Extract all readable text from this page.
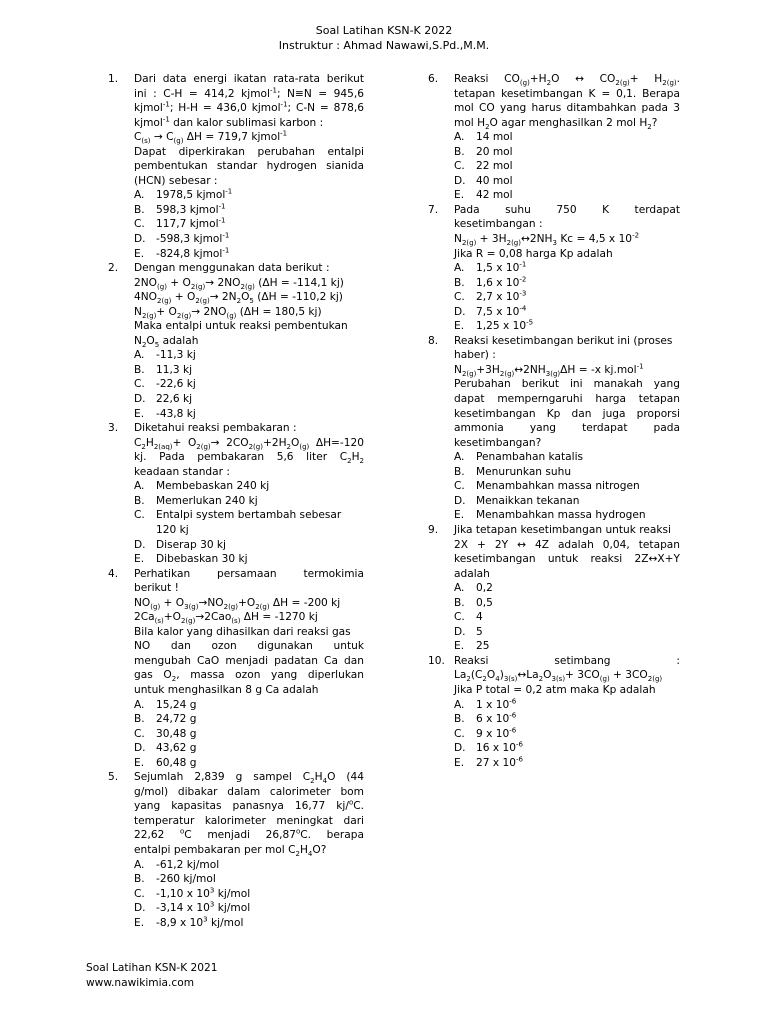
Soal Latihan KSN-K 2022
Instruktur : Ahmad Nawawi,S.Pd.,M.M.
1. Dari data energi ikatan rata-rata berikut
ini : C-H = 414,2 kjmol$^{-1}$; N≡N = 945,6
kjmol$^{-1}$; H-H = 436,0 kjmol$^{-1}$; C-N = 878,6
kjmol$^{-1}$ dan kalor sublimasi karbon :
$C_{(s)} \to C_{(g)}$ ΔH = 719,7 kjmol$^{-1}$
Dapat diperkirakan perubahan entalpi
pembentukan standar hydrogen sianida
(HCN) sebesar :
A. 1978,5 kjmol$^{-1}$
B. 598,3 kjmol$^{-1}$
C. 117,7 kjmol$^{-1}$
D. -598,3 kjmol$^{-1}$
E. -824,8 kjmol$^{-1}$
2. Dengan menggunakan data berikut :
$2NO_{(g)} + O_{2(g)}\to 2NO_{2(g)}$ (ΔH = -114,1 kj)
$4NO_{2(g)} + O_{2(g)}\to 2N_2O_5$ (ΔH = -110,2 kj)
$N_{2(g)}+ O_{2(g)}\to 2NO_{(g)}$ (ΔH = 180,5 kj)
Maka entalpi untuk reaksi pembentukan
$N_2O_5$ adalah
A. -11,3 kj
B. 11,3 kj
C. -22,6 kj
D. 22,6 kj
E. -43,8 kj
3. Diketahui reaksi pembakaran :
$C_2H_{2(aq)}+ O_{2(g)}\to 2CO_{2(g)}+2H_2O_{(g)}$ ΔH=-120
kj. Pada pembakaran 5,6 liter $C_2H_2$
keadaan standar :
A. Membebaskan 240 kj
B. Memerlukan 240 kj
C. Entalpi system bertambah sebesar 120 kj
D. Diserap 30 kj
E. Dibebaskan 30 kj
4. Perhatikan persamaan termokimia
berikut !
$NO_{(g)} + O_{3(g)}\to NO_{2(g)}+O_{2(g)}$ ΔH = -200 kj
$2Ca_{(s)}+O_{2(g)}\to 2Cao_{(s)}$ ΔH = -1270 kj
Bila kalor yang dihasilkan dari reaksi gas
NO dan ozon digunakan untuk
mengubah CaO menjadi padatan Ca dan
gas $O_2$, massa ozon yang diperlukan
untuk menghasilkan 8 g Ca adalah
A. 15,24 g
B. 24,72 g
C. 30,48 g
D. 43,62 g
E. 60,48 g
5. Sejumlah 2,839 g sampel $C_2H_4O$ (44
g/mol) dibakar dalam calorimeter bom
yang kapasitas panasnya 16,77 kj/$^o$C.
temperatur kalorimeter meningkat dari
22,62 $^o$C menjadi 26,87$^o$C. berapa
entalpi pembakaran per mol $C_2H_4O$?
A. -61,2 kj/mol
B. -260 kj/mol
C. -1,10 x $10^3$ kj/mol
D. -3,14 x $10^3$ kj/mol
E. -8,9 x $10^3$ kj/mol
6. Reaksi $CO_{(g)}+H_2O$ ↔ $CO_{2(g)}+ H_{2(g)}$.
tetapan kesetimbangan K = 0,1. Berapa
mol CO yang harus ditambahkan pada 3
mol $H_2O$ agar menghasilkan 2 mol $H_2$?
A. 14 mol
B. 20 mol
C. 22 mol
D. 40 mol
E. 42 mol
7. Pada suhu 750 K terdapat
kesetimbangan :
$N_{2(g)}$ + $3H_{2(g)}\leftrightarrow 2NH_3$ Kc = 4,5 x $10^{-2}$
Jika R = 0,08 harga Kp adalah
A. 1,5 x $10^{-1}$
B. 1,6 x $10^{-2}$
C. 2,7 x $10^{-3}$
D. 7,5 x $10^{-4}$
E. 1,25 x $10^{-5}$
8. Reaksi kesetimbangan berikut ini (proses
haber) :
$N_{2(g)}+3H_{2(g)}\leftrightarrow 2NH_{3(g)}\Delta H = -x$ kj.mol$^{-1}$
Perubahan berikut ini manakah yang
dapat memperngaruhi harga tetapan
kesetimbangan Kp dan juga proporsi
ammonia yang terdapat pada
kesetimbangan?
A. Penambahan katalis
B. Menurunkan suhu
C. Menambahkan massa nitrogen
D. Menaikkan tekanan
E. Menambahkan massa hydrogen
9. Jika tetapan kesetimbangan untuk reaksi
2X + 2Y ↔ 4Z adalah 0,04, tetapan
kesetimbangan untuk reaksi 2Z↔X+Y
adalah
A. 0,2
B. 0,5
C. 4
D. 5
E. 25
10. Reaksi setimbang :
$La_2(C_2O_4)_{3(s)}\leftrightarrow La_2O_{3(s)}+ 3CO_{(g)} + 3CO_{2(g)}$
Jika P total = 0,2 atm maka Kp adalah
A. 1 x $10^{-6}$
B. 6 x $10^{-6}$
C. 9 x $10^{-6}$
D. 16 x $10^{-6}$
E. 27 x $10^{-6}$
Soal Latihan KSN-K 2021
www.nawikimia.com
